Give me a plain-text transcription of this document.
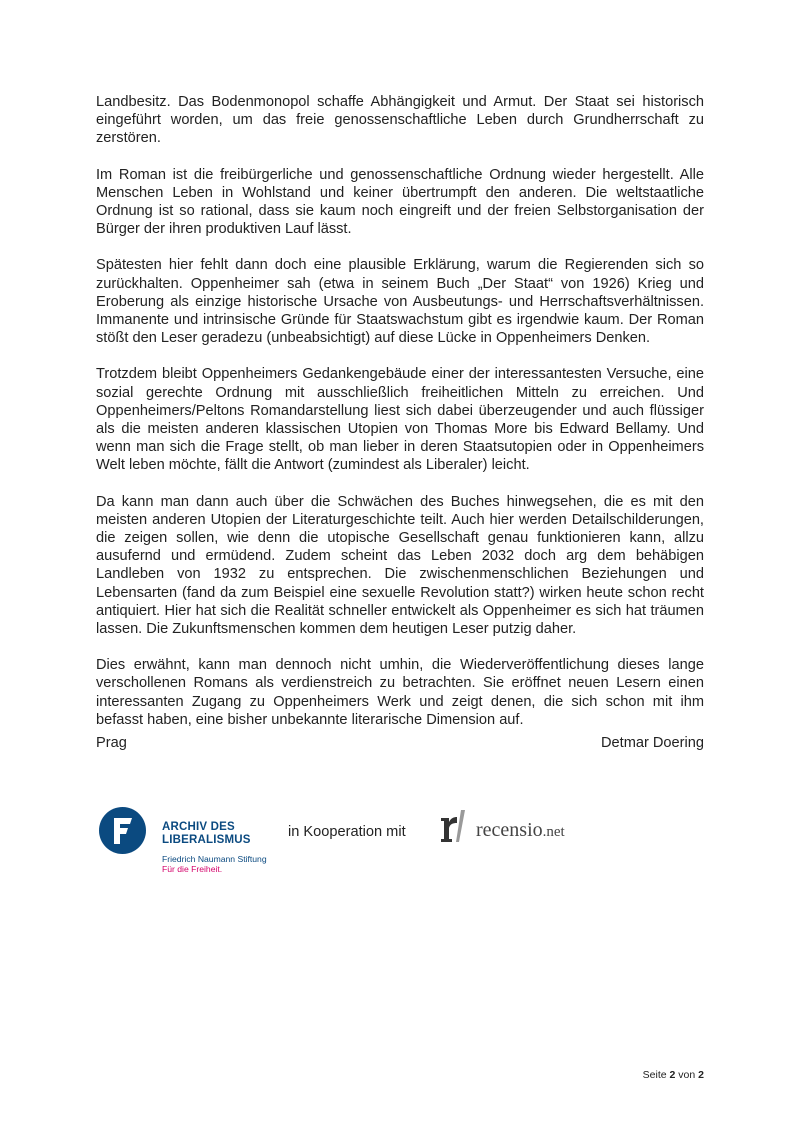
Landbesitz. Das Bodenmonopol schaffe Abhängigkeit und Armut. Der Staat sei historisch eingeführt worden, um das freie genossenschaftliche Leben durch Grundherrschaft zu zerstören.

Im Roman ist die freibürgerliche und genossenschaftliche Ordnung wieder hergestellt. Alle Menschen Leben in Wohlstand und keiner übertrumpft den anderen. Die weltstaatliche Ordnung ist so rational, dass sie kaum noch eingreift und der freien Selbstorganisation der Bürger der ihren produktiven Lauf lässt.

Spätesten hier fehlt dann doch eine plausible Erklärung, warum die Regierenden sich so zurückhalten. Oppenheimer sah (etwa in seinem Buch „Der Staat“ von 1926) Krieg und Eroberung als einzige historische Ursache von Ausbeutungs- und Herrschaftsverhältnissen. Immanente und intrinsische Gründe für Staatswachstum gibt es irgendwie kaum. Der Roman stößt den Leser geradezu (unbeabsichtigt) auf diese Lücke in Oppenheimers Denken.

Trotzdem bleibt Oppenheimers Gedankengebäude einer der interessantesten Versuche, eine sozial gerechte Ordnung mit ausschließlich freiheitlichen Mitteln zu erreichen. Und Oppenheimers/Peltons Romandarstellung liest sich dabei überzeugender und auch flüssiger als die meisten anderen klassischen Utopien von Thomas More bis Edward Bellamy. Und wenn man sich die Frage stellt, ob man lieber in deren Staatsutopien oder in Oppenheimers Welt leben möchte, fällt die Antwort (zumindest als Liberaler) leicht.

Da kann man dann auch über die Schwächen des Buches hinwegsehen, die es mit den meisten anderen Utopien der Literaturgeschichte teilt. Auch hier werden Detailschilderungen, die zeigen sollen, wie denn die utopische Gesellschaft genau funktionieren kann, allzu ausufernd und ermüdend. Zudem scheint das Leben 2032 doch arg dem behäbigen Landleben von 1932 zu entsprechen. Die zwischenmenschlichen Beziehungen und Lebensarten (fand da zum Beispiel eine sexuelle Revolution statt?) wirken heute schon recht antiquiert. Hier hat sich die Realität schneller entwickelt als Oppenheimer es sich hat träumen lassen. Die Zukunftsmenschen kommen dem heutigen Leser putzig daher.

Dies erwähnt, kann man dennoch nicht umhin, die Wiederveröffentlichung dieses lange verschollenen Romans als verdienstreich zu betrachten. Sie eröffnet neuen Lesern einen interessanten Zugang zu Oppenheimers Werk und zeigt denen, die sich schon mit ihm befasst haben, eine bisher unbekannte literarische Dimension auf.

Prag	Detmar Doering
ARCHIV DES
LIBERALISMUS
Friedrich Naumann Stiftung
Für die Freiheit.
in Kooperation mit	recensio.net
Seite 2 von 2
